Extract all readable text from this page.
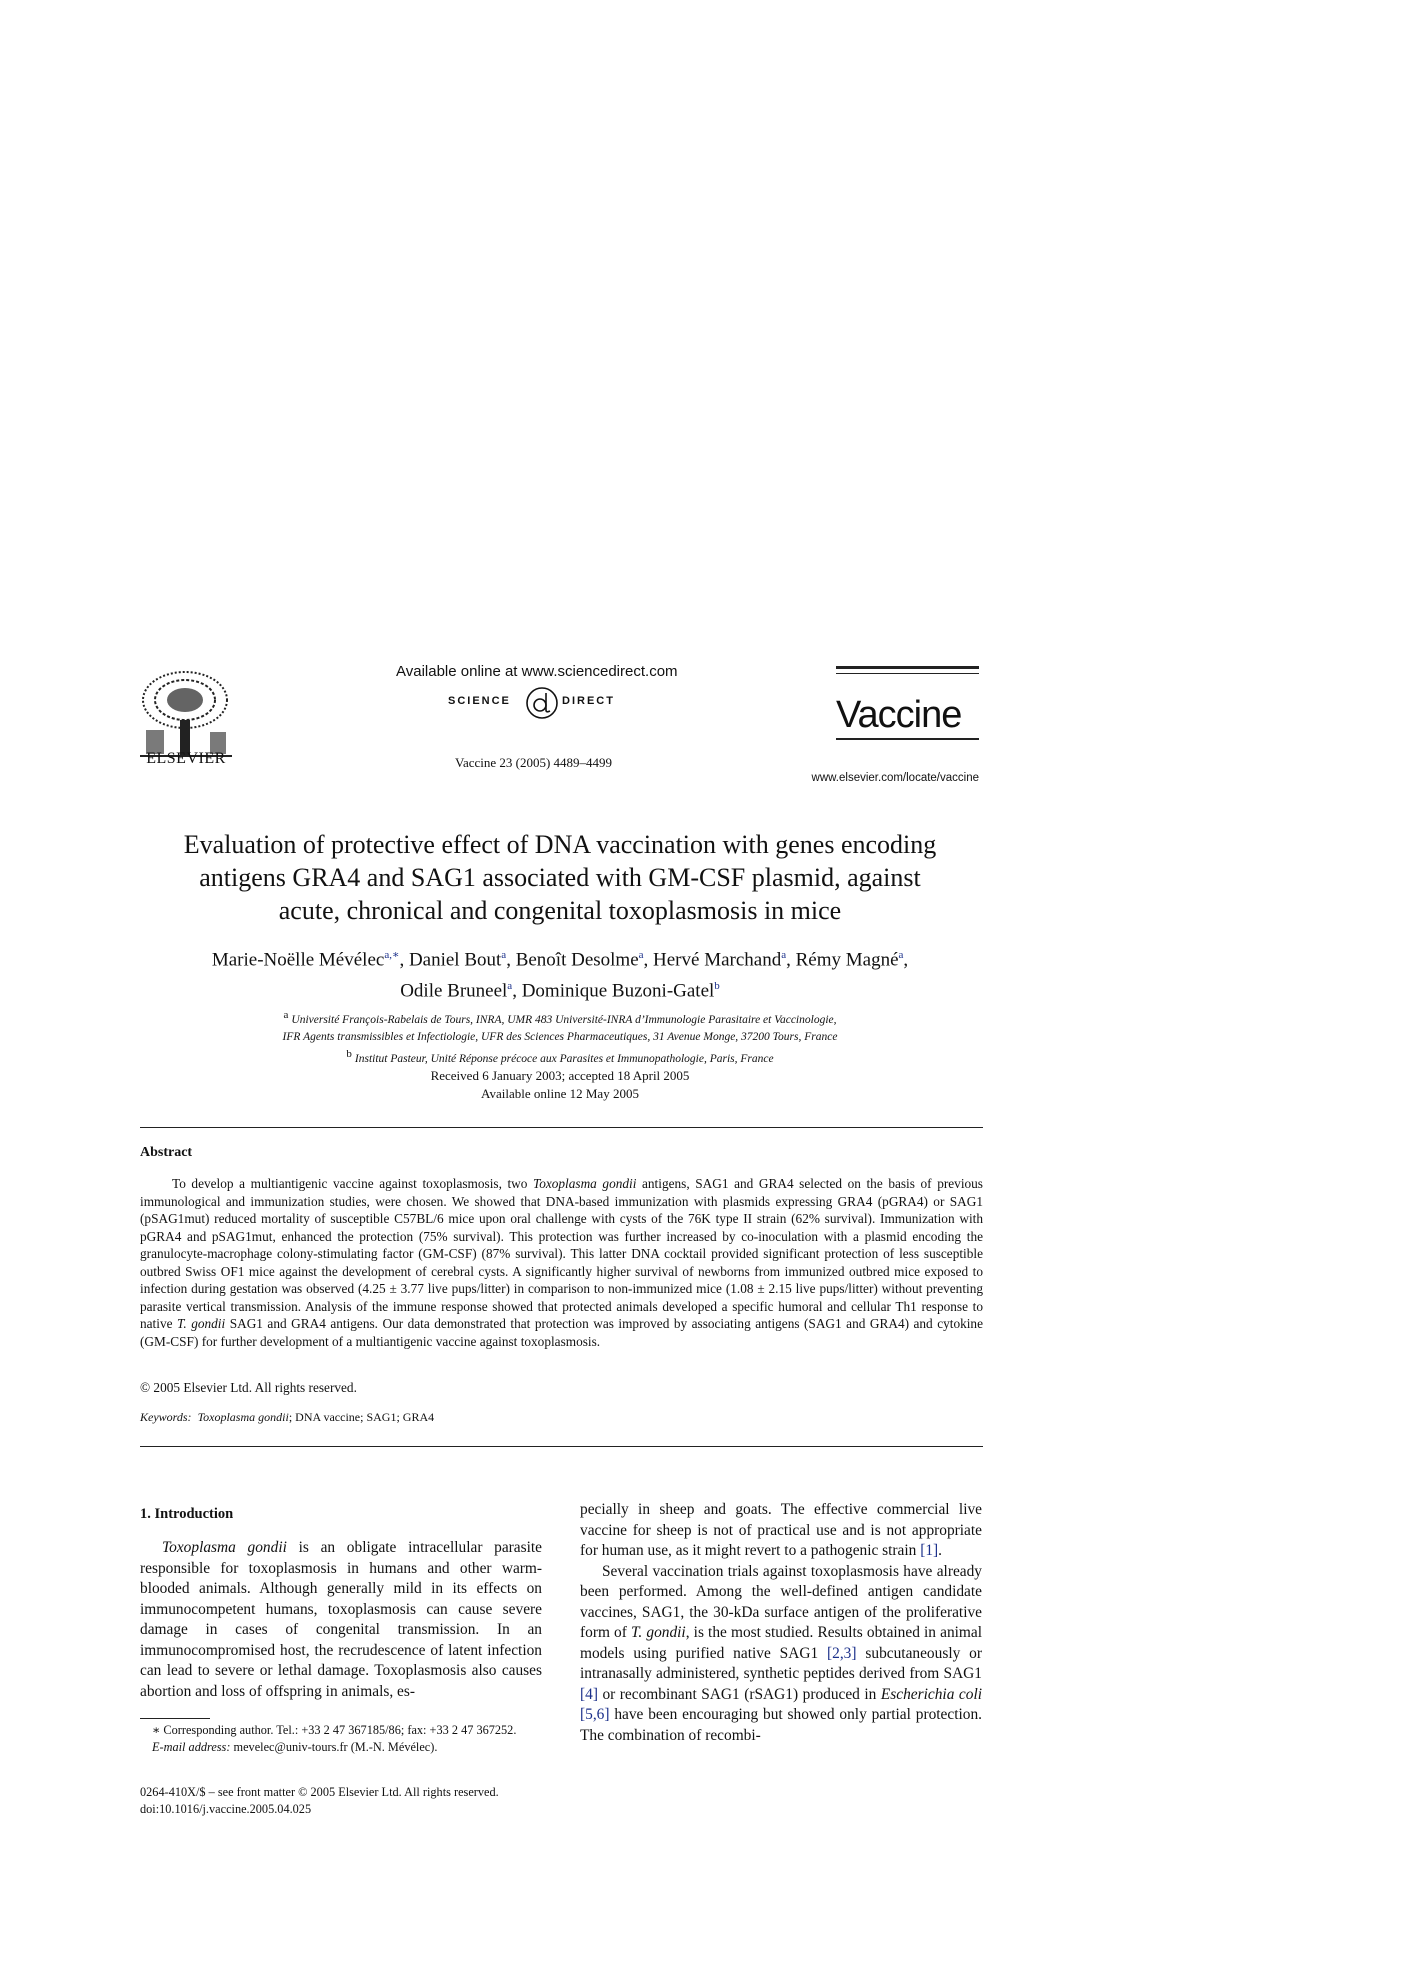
ELSEVIER
Available online at www.sciencedirect.com
SCIENCE	DIRECT
Vaccine 23 (2005) 4489–4499
Vaccine
www.elsevier.com/locate/vaccine
Evaluation of protective effect of DNA vaccination with genes encoding
antigens GRA4 and SAG1 associated with GM-CSF plasmid, against
acute, chronical and congenital toxoplasmosis in mice
Marie-Noëlle Mévélec$^{a,∗}$, Daniel Bout$^a$, Benoît Desolme$^a$, Hervé Marchand$^a$, Rémy Magné$^a$,
Odile Bruneel$^a$, Dominique Buzoni-Gatel$^b$
$^a$ Université François-Rabelais de Tours, INRA, UMR 483 Université-INRA d’Immunologie Parasitaire et Vaccinologie,
IFR Agents transmissibles et Infectiologie, UFR des Sciences Pharmaceutiques, 31 Avenue Monge, 37200 Tours, France
$^b$ Institut Pasteur, Unité Réponse précoce aux Parasites et Immunopathologie, Paris, France
Received 6 January 2003; accepted 18 April 2005
Available online 12 May 2005
Abstract

To develop a multiantigenic vaccine against toxoplasmosis, two Toxoplasma gondii antigens, SAG1 and GRA4 selected on the basis of previous immunological and immunization studies, were chosen. We showed that DNA-based immunization with plasmids expressing GRA4 (pGRA4) or SAG1 (pSAG1mut) reduced mortality of susceptible C57BL/6 mice upon oral challenge with cysts of the 76K type II strain (62% survival). Immunization with pGRA4 and pSAG1mut, enhanced the protection (75% survival). This protection was further increased by co-inoculation with a plasmid encoding the granulocyte-macrophage colony-stimulating factor (GM-CSF) (87% survival). This latter DNA cocktail provided significant protection of less susceptible outbred Swiss OF1 mice against the development of cerebral cysts. A significantly higher survival of newborns from immunized outbred mice exposed to infection during gestation was observed (4.25 ± 3.77 live pups/litter) in comparison to non-immunized mice (1.08 ± 2.15 live pups/litter) without preventing parasite vertical transmission. Analysis of the immune response showed that protected animals developed a specific humoral and cellular Th1 response to native T. gondii SAG1 and GRA4 antigens. Our data demonstrated that protection was improved by associating antigens (SAG1 and GRA4) and cytokine (GM-CSF) for further development of a multiantigenic vaccine against toxoplasmosis.

© 2005 Elsevier Ltd. All rights reserved.
Keywords: Toxoplasma gondii; DNA vaccine; SAG1; GRA4
1. Introduction

Toxoplasma gondii is an obligate intracellular parasite responsible for toxoplasmosis in humans and other warm-blooded animals. Although generally mild in its effects on immunocompetent humans, toxoplasmosis can cause severe damage in cases of congenital transmission. In an immunocompromised host, the recrudescence of latent infection can lead to severe or lethal damage. Toxoplasmosis also causes abortion and loss of offspring in animals, es-

pecially in sheep and goats. The effective commercial live vaccine for sheep is not of practical use and is not appropriate for human use, as it might revert to a pathogenic strain [1].

Several vaccination trials against toxoplasmosis have already been performed. Among the well-defined antigen candidate vaccines, SAG1, the 30-kDa surface antigen of the proliferative form of T. gondii, is the most studied. Results obtained in animal models using purified native SAG1 [2,3] subcutaneously or intranasally administered, synthetic peptides derived from SAG1 [4] or recombinant SAG1 (rSAG1) produced in Escherichia coli [5,6] have been encouraging but showed only partial protection. The combination of recombi-

∗ Corresponding author. Tel.: +33 2 47 367185/86; fax: +33 2 47 367252.

E-mail address: mevelec@univ-tours.fr (M.-N. Mévélec).

0264-410X/$ – see front matter © 2005 Elsevier Ltd. All rights reserved.
doi:10.1016/j.vaccine.2005.04.025
